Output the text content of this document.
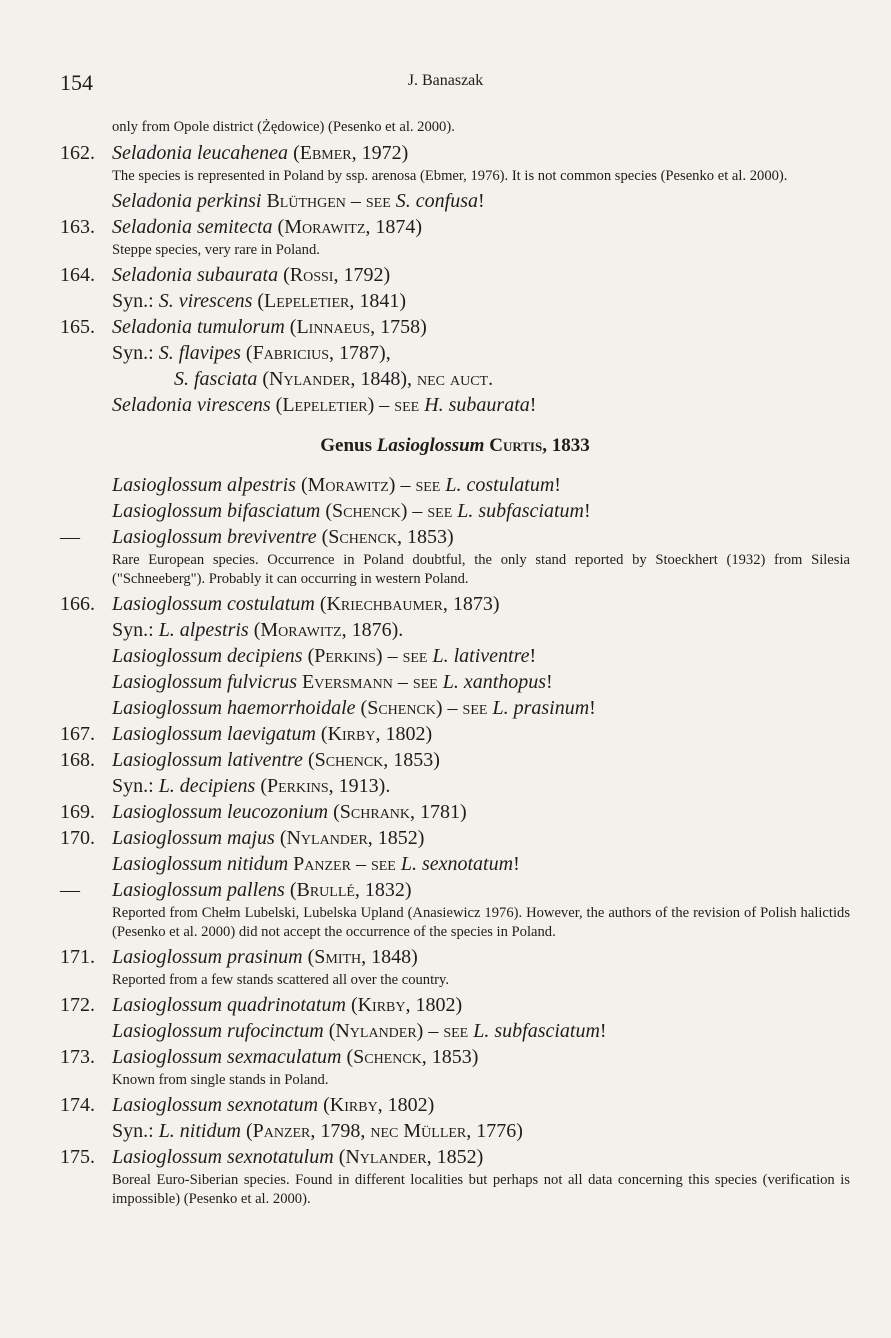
154	J. Banaszak
only from Opole district (Żędowice) (Pesenko et al. 2000).
162. Seladonia leucahenea (Ebmer, 1972)
The species is represented in Poland by ssp. arenosa (Ebmer, 1976). It is not common species (Pesenko et al. 2000).
Seladonia perkinsi Blüthgen – see S. confusa!
163. Seladonia semitecta (Morawitz, 1874)
Steppe species, very rare in Poland.
164. Seladonia subaurata (Rossi, 1792)
Syn.: S. virescens (Lepeletier, 1841)
165. Seladonia tumulorum (Linnaeus, 1758)
Syn.: S. flavipes (Fabricius, 1787),
S. fasciata (Nylander, 1848), nec auct.
Seladonia virescens (Lepeletier) – see H. subaurata!
Genus Lasioglossum Curtis, 1833
Lasioglossum alpestris (Morawitz) – see L. costulatum!
Lasioglossum bifasciatum (Schenck) – see L. subfasciatum!
—	Lasioglossum breviventre (Schenck, 1853)
Rare European species. Occurrence in Poland doubtful, the only stand reported by Stoeckhert (1932) from Silesia ("Schneeberg"). Probably it can occurring in western Poland.
166. Lasioglossum costulatum (Kriechbaumer, 1873)
Syn.: L. alpestris (Morawitz, 1876).
Lasioglossum decipiens (Perkins) – see L. lativentre!
Lasioglossum fulvicrus Eversmann – see L. xanthopus!
Lasioglossum haemorrhoidale (Schenck) – see L. prasinum!
167. Lasioglossum laevigatum (Kirby, 1802)
168. Lasioglossum lativentre (Schenck, 1853)
Syn.: L. decipiens (Perkins, 1913).
169. Lasioglossum leucozonium (Schrank, 1781)
170. Lasioglossum majus (Nylander, 1852)
Lasioglossum nitidum Panzer – see L. sexnotatum!
—	Lasioglossum pallens (Brullé, 1832)
Reported from Chełm Lubelski, Lubelska Upland (Anasiewicz 1976). However, the authors of the revision of Polish halictids (Pesenko et al. 2000) did not accept the occurrence of the species in Poland.
171. Lasioglossum prasinum (Smith, 1848)
Reported from a few stands scattered all over the country.
172. Lasioglossum quadrinotatum (Kirby, 1802)
Lasioglossum rufocinctum (Nylander) – see L. subfasciatum!
173. Lasioglossum sexmaculatum (Schenck, 1853)
Known from single stands in Poland.
174. Lasioglossum sexnotatum (Kirby, 1802)
Syn.: L. nitidum (Panzer, 1798, nec Müller, 1776)
175. Lasioglossum sexnotatulum (Nylander, 1852)
Boreal Euro-Siberian species. Found in different localities but perhaps not all data concerning this species (verification is impossible) (Pesenko et al. 2000).
